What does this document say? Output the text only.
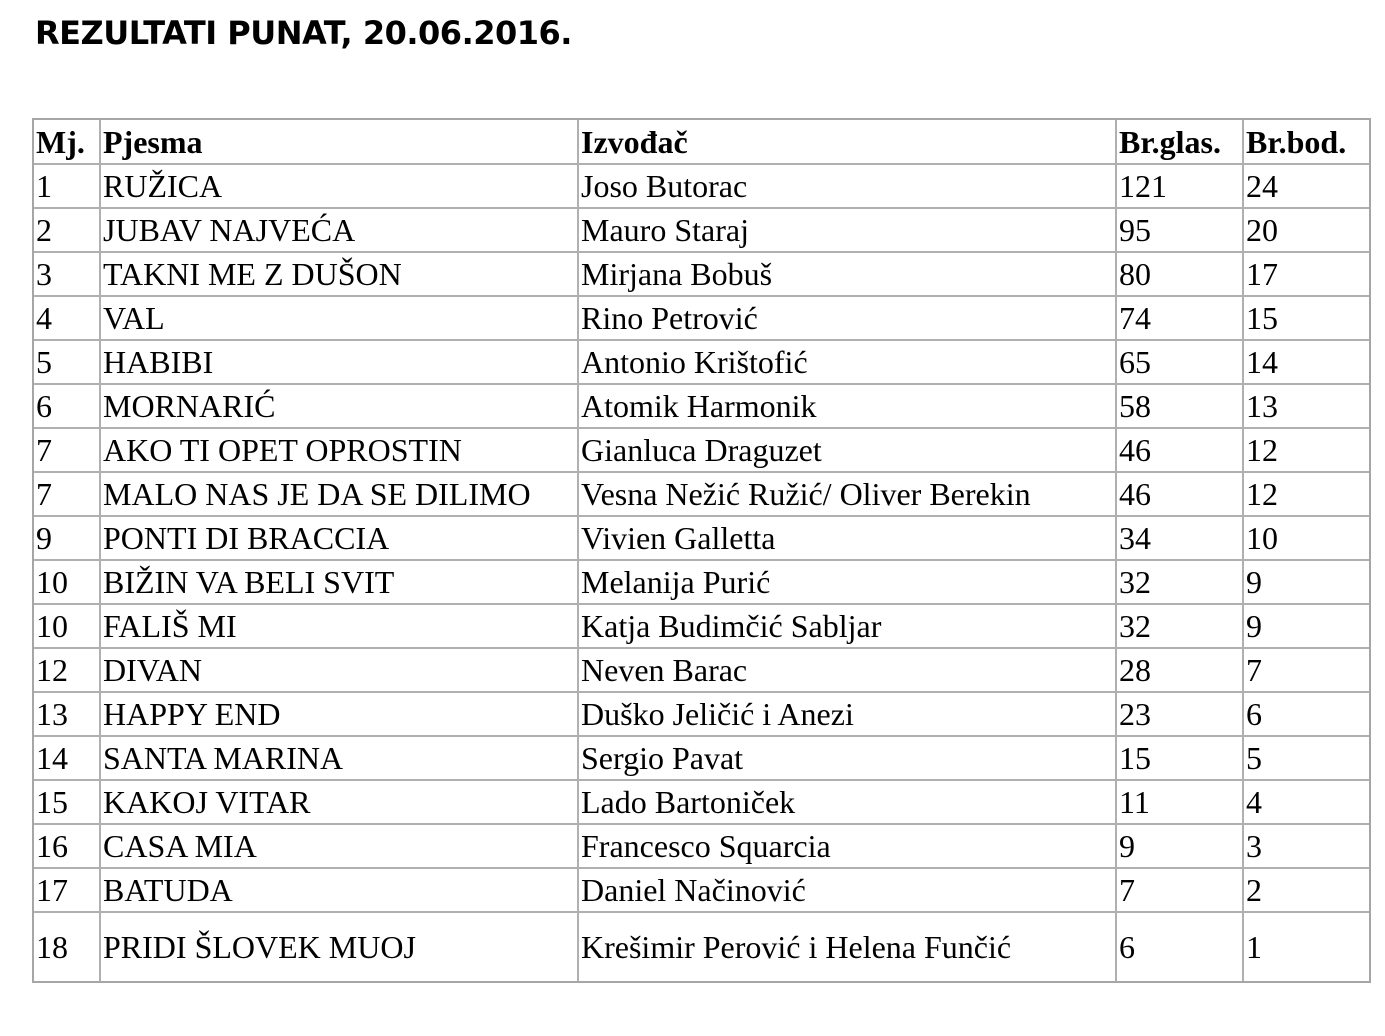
REZULTATI PUNAT, 20.06.2016.
Mj.	Pjesma	Izvođač	Br.glas.	Br.bod.
1	RUŽICA	Joso Butorac	121	24
2	JUBAV NAJVEĆA	Mauro Staraj	95	20
3	TAKNI ME Z DUŠON	Mirjana Bobuš	80	17
4	VAL	Rino Petrović	74	15
5	HABIBI	Antonio Krištofić	65	14
6	MORNARIĆ	Atomik Harmonik	58	13
7	AKO TI OPET OPROSTIN	Gianluca Draguzet	46	12
7	MALO NAS JE DA SE DILIMO	Vesna Nežić Ružić/ Oliver Berekin	46	12
9	PONTI DI BRACCIA	Vivien Galletta	34	10
10	BIŽIN VA BELI SVIT	Melanija Purić	32	9
10	FALIŠ MI	Katja Budimčić Sabljar	32	9
12	DIVAN	Neven Barac	28	7
13	HAPPY END	Duško Jeličić i Anezi	23	6
14	SANTA MARINA	Sergio Pavat	15	5
15	KAKOJ VITAR	Lado Bartoniček	11	4
16	CASA MIA	Francesco Squarcia	9	3
17	BATUDA	Daniel Načinović	7	2
18	PRIDI ŠLOVEK MUOJ	Krešimir Perović i Helena Funčić	6	1
